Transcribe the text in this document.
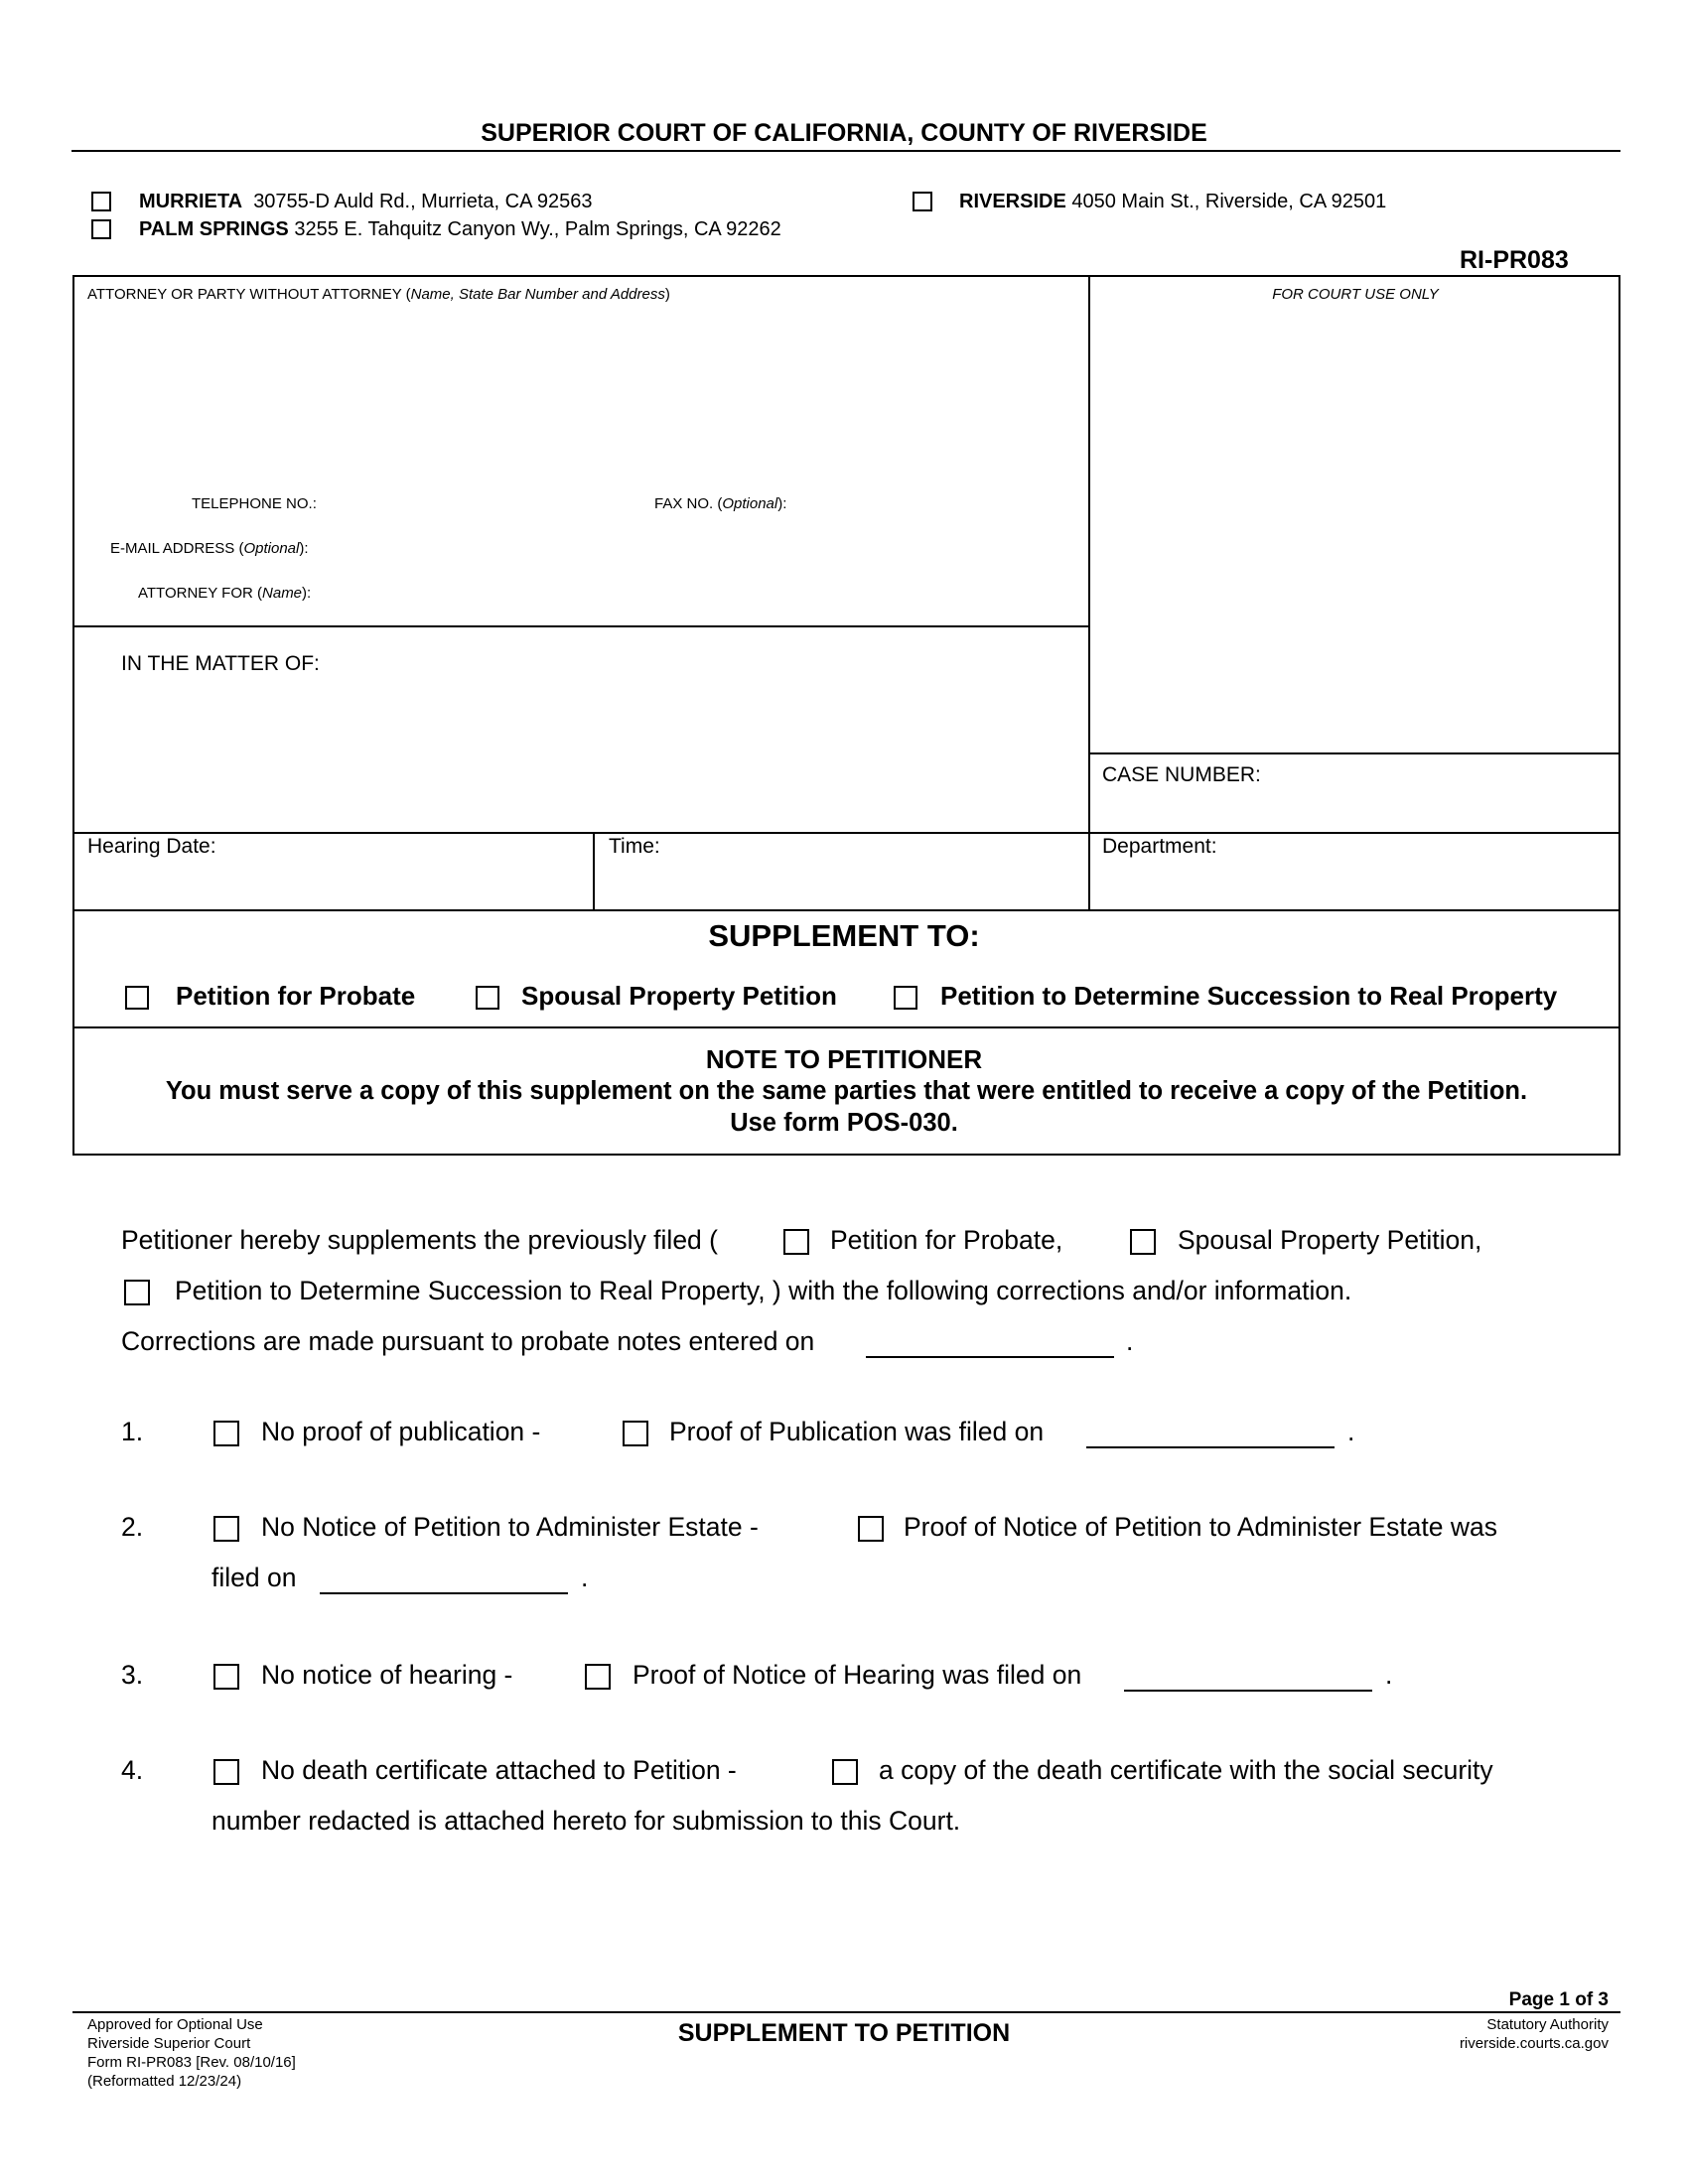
SUPERIOR COURT OF CALIFORNIA, COUNTY OF RIVERSIDE
MURRIETA 30755-D Auld Rd., Murrieta, CA 92563
PALM SPRINGS 3255 E. Tahquitz Canyon Wy., Palm Springs, CA 92262
RIVERSIDE 4050 Main St., Riverside, CA 92501
RI-PR083
ATTORNEY OR PARTY WITHOUT ATTORNEY (Name, State Bar Number and Address)	FOR COURT USE ONLY
TELEPHONE NO.:	FAX NO. (Optional):
E-MAIL ADDRESS (Optional):
ATTORNEY FOR (Name):
IN THE MATTER OF:
CASE NUMBER:
Hearing Date:	Time:	Department:
SUPPLEMENT TO:
Petition for Probate	Spousal Property Petition	Petition to Determine Succession to Real Property
NOTE TO PETITIONER
You must serve a copy of this supplement on the same parties that were entitled to receive a copy of the Petition.
Use form POS-030.
Petitioner hereby supplements the previously filed (	Petition for Probate,	Spousal Property Petition,
Petition to Determine Succession to Real Property, ) with the following corrections and/or information.
Corrections are made pursuant to probate notes entered on	.
1.	No proof of publication -	Proof of Publication was filed on	.
2.	No Notice of Petition to Administer Estate -	Proof of Notice of Petition to Administer Estate was
filed on	.
3.	No notice of hearing -	Proof of Notice of Hearing was filed on	.
4.	No death certificate attached to Petition -	a copy of the death certificate with the social security
number redacted is attached hereto for submission to this Court.
Page 1 of 3
Approved for Optional Use
Riverside Superior Court
Form RI-PR083 [Rev. 08/10/16]
(Reformatted 12/23/24)
SUPPLEMENT TO PETITION	Statutory Authority
riverside.courts.ca.gov
